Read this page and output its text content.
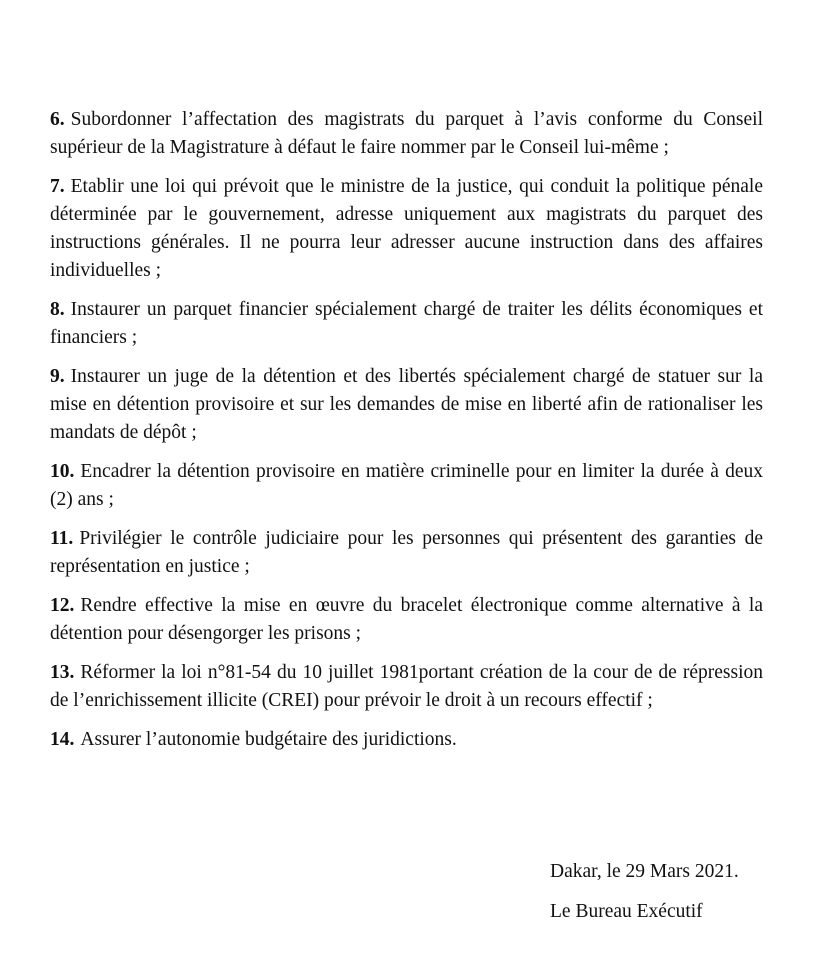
6. Subordonner l’affectation des magistrats du parquet à l’avis conforme du Conseil supérieur de la Magistrature à défaut le faire nommer par le Conseil lui-même ;

7. Etablir une loi qui prévoit que le ministre de la justice, qui conduit la politique pénale déterminée par le gouvernement, adresse uniquement aux magistrats du parquet des instructions générales. Il ne pourra leur adresser aucune instruction dans des affaires individuelles ;

8. Instaurer un parquet financier spécialement chargé de traiter les délits économiques et financiers ;

9. Instaurer un juge de la détention et des libertés spécialement chargé de statuer sur la mise en détention provisoire et sur les demandes de mise en liberté afin de rationaliser les mandats de dépôt ;

10. Encadrer la détention provisoire en matière criminelle pour en limiter la durée à deux (2) ans ;

11. Privilégier le contrôle judiciaire pour les personnes qui présentent des garanties de représentation en justice ;

12. Rendre effective la mise en œuvre du bracelet électronique comme alternative à la détention pour désengorger les prisons ;

13. Réformer la loi n°81-54 du 10 juillet 1981portant création de la cour de de répression de l’enrichissement illicite (CREI) pour prévoir le droit à un recours effectif ;

14. Assurer l’autonomie budgétaire des juridictions.

Dakar, le 29 Mars 2021.
Le Bureau Exécutif
